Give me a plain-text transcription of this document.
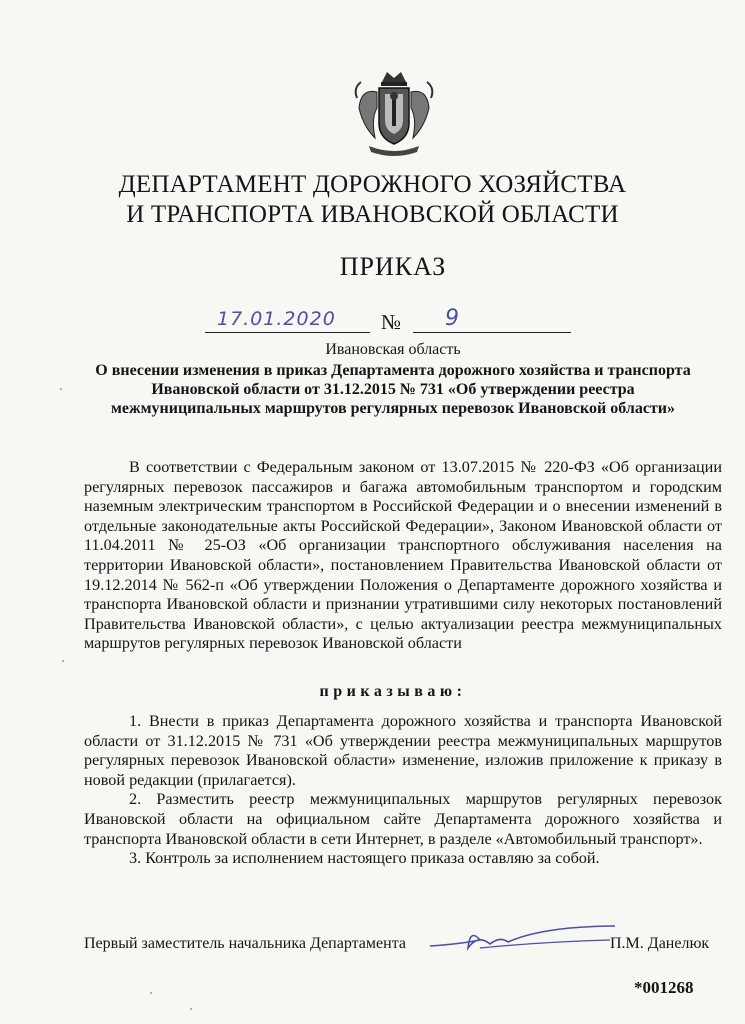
ДЕПАРТАМЕНТ ДОРОЖНОГО ХОЗЯЙСТВА
И ТРАНСПОРТА ИВАНОВСКОЙ ОБЛАСТИ
ПРИКАЗ
17.01.2020 № 9
Ивановская область
О внесении изменения в приказ Департамента дорожного хозяйства и транспорта Ивановской области от 31.12.2015 № 731 «Об утверждении реестра межмуниципальных маршрутов регулярных перевозок Ивановской области»
В соответствии с Федеральным законом от 13.07.2015 № 220-ФЗ «Об организации регулярных перевозок пассажиров и багажа автомобильным транспортом и городским наземным электрическим транспортом в Российской Федерации и о внесении изменений в отдельные законодательные акты Российской Федерации», Законом Ивановской области от 11.04.2011 № 25-ОЗ «Об организации транспортного обслуживания населения на территории Ивановской области», постановлением Правительства Ивановской области от 19.12.2014 № 562-п «Об утверждении Положения о Департаменте дорожного хозяйства и транспорта Ивановской области и признании утратившими силу некоторых постановлений Правительства Ивановской области», с целью актуализации реестра межмуниципальных маршрутов регулярных перевозок Ивановской области
приказываю:

1. Внести в приказ Департамента дорожного хозяйства и транспорта Ивановской области от 31.12.2015 № 731 «Об утверждении реестра межмуниципальных маршрутов регулярных перевозок Ивановской области» изменение, изложив приложение к приказу в новой редакции (прилагается).

2. Разместить реестр межмуниципальных маршрутов регулярных перевозок Ивановской области на официальном сайте Департамента дорожного хозяйства и транспорта Ивановской области в сети Интернет, в разделе «Автомобильный транспорт».

3. Контроль за исполнением настоящего приказа оставляю за собой.

Первый заместитель начальника Департамента	П.М. Данелюк
*001268
